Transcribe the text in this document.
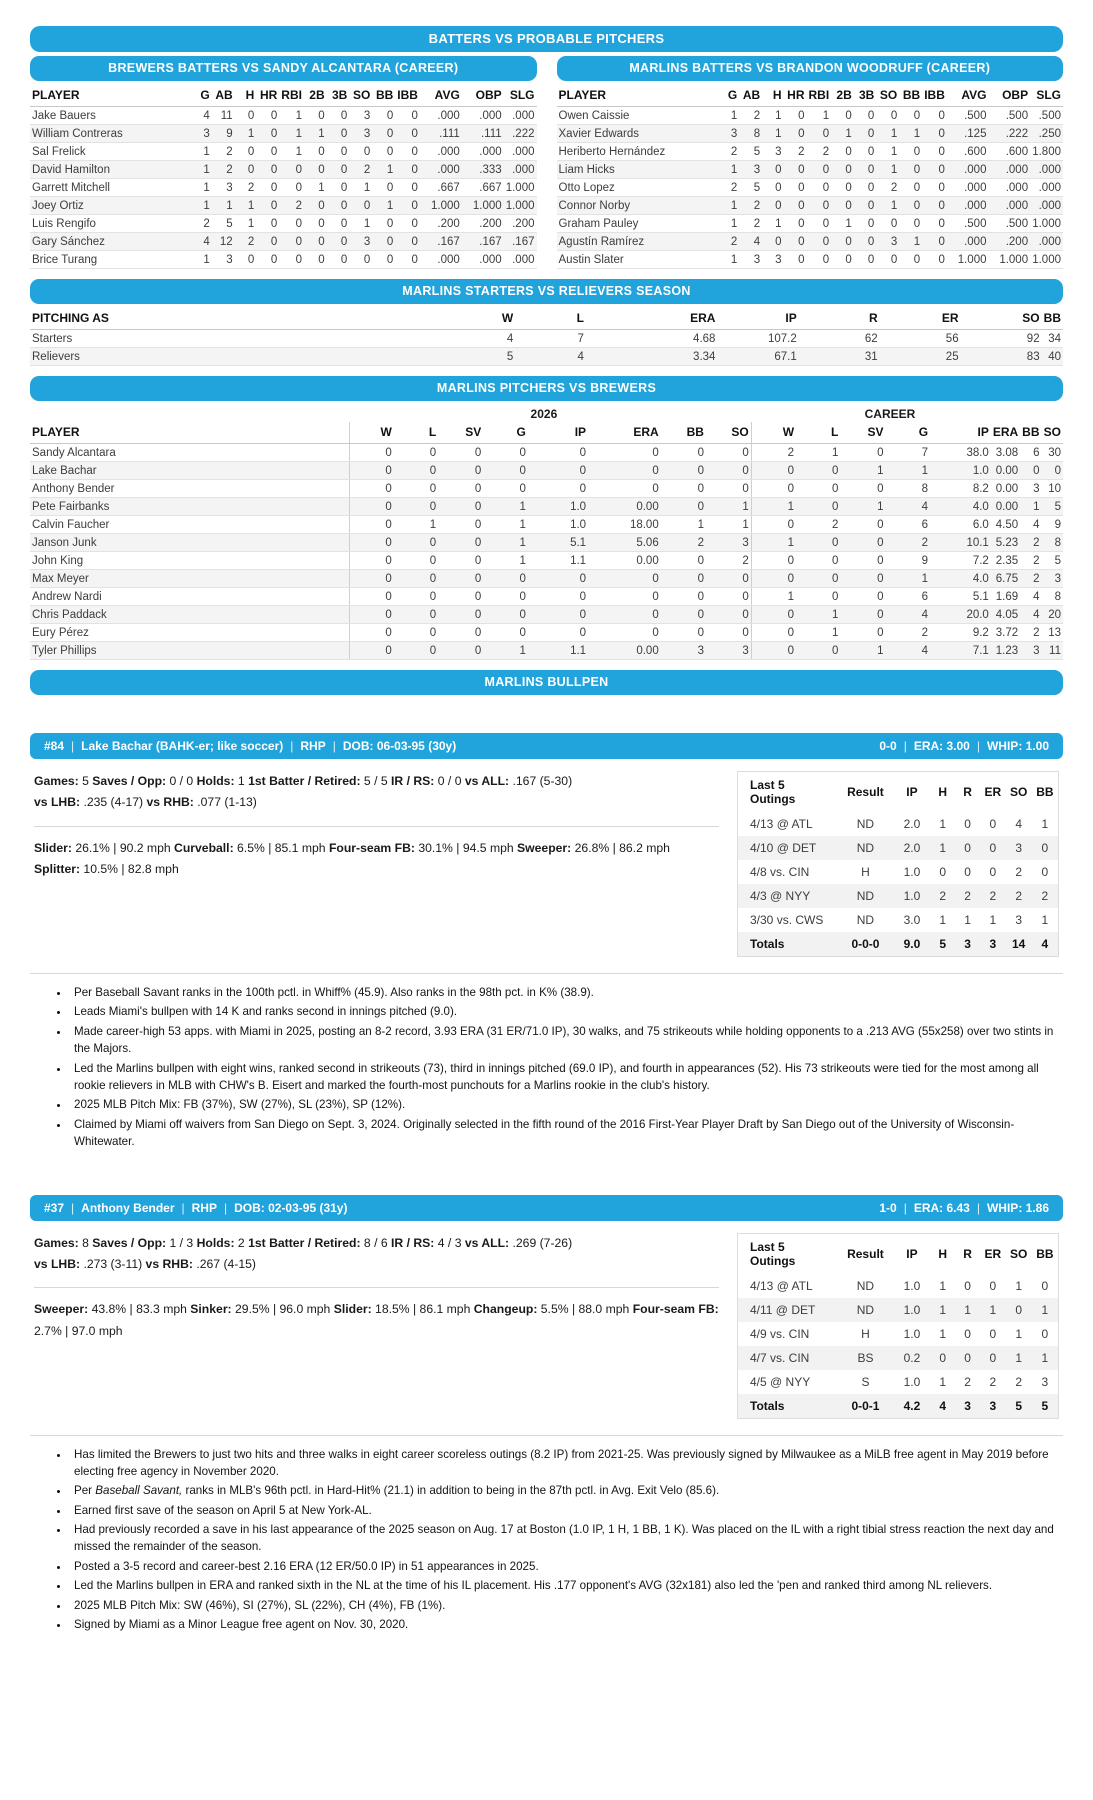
BATTERS VS PROBABLE PITCHERS
BREWERS BATTERS VS SANDY ALCANTARA (CAREER)
PLAYER	G	AB	H	HR	RBI	2B	3B	SO	BB	IBB	AVG	OBP	SLG
Jake Bauers	4	11	0	0	1	0	0	3	0	0	.000	.000	.000
William Contreras	3	9	1	0	1	1	0	3	0	0	.111	.111	.222
Sal Frelick	1	2	0	0	1	0	0	0	0	0	.000	.000	.000
David Hamilton	1	2	0	0	0	0	0	2	1	0	.000	.333	.000
Garrett Mitchell	1	3	2	0	0	1	0	1	0	0	.667	.667	1.000
Joey Ortiz	1	1	1	0	2	0	0	0	1	0	1.000	1.000	1.000
Luis Rengifo	2	5	1	0	0	0	0	1	0	0	.200	.200	.200
Gary Sánchez	4	12	2	0	0	0	0	3	0	0	.167	.167	.167
Brice Turang	1	3	0	0	0	0	0	0	0	0	.000	.000	.000
MARLINS BATTERS VS BRANDON WOODRUFF (CAREER)
PLAYER	G	AB	H	HR	RBI	2B	3B	SO	BB	IBB	AVG	OBP	SLG
Owen Caissie	1	2	1	0	1	0	0	0	0	0	.500	.500	.500
Xavier Edwards	3	8	1	0	0	1	0	1	1	0	.125	.222	.250
Heriberto Hernández	2	5	3	2	2	0	0	1	0	0	.600	.600	1.800
Liam Hicks	1	3	0	0	0	0	0	1	0	0	.000	.000	.000
Otto Lopez	2	5	0	0	0	0	0	2	0	0	.000	.000	.000
Connor Norby	1	2	0	0	0	0	0	1	0	0	.000	.000	.000
Graham Pauley	1	2	1	0	0	1	0	0	0	0	.500	.500	1.000
Agustín Ramírez	2	4	0	0	0	0	0	3	1	0	.000	.200	.000
Austin Slater	1	3	3	0	0	0	0	0	0	0	1.000	1.000	1.000
MARLINS STARTERS VS RELIEVERS SEASON
PITCHING AS	W	L	ERA	IP	R	ER	SO	BB
Starters	4	7	4.68	107.2	62	56	92	34
Relievers	5	4	3.34	67.1	31	25	83	40
MARLINS PITCHERS VS BREWERS
2026	CAREER
PLAYER	W	L	SV	G	IP	ERA	BB	SO	W	L	SV	G	IP	ERA	BB	SO
Sandy Alcantara	0	0	0	0	0	0	0	0	2	1	0	7	38.0	3.08	6	30
Lake Bachar	0	0	0	0	0	0	0	0	0	0	1	1	1.0	0.00	0	0
Anthony Bender	0	0	0	0	0	0	0	0	0	0	0	8	8.2	0.00	3	10
Pete Fairbanks	0	0	0	1	1.0	0.00	0	1	1	0	1	4	4.0	0.00	1	5
Calvin Faucher	0	1	0	1	1.0	18.00	1	1	0	2	0	6	6.0	4.50	4	9
Janson Junk	0	0	0	1	5.1	5.06	2	3	1	0	0	2	10.1	5.23	2	8
John King	0	0	0	1	1.1	0.00	0	2	0	0	0	9	7.2	2.35	2	5
Max Meyer	0	0	0	0	0	0	0	0	0	0	0	1	4.0	6.75	2	3
Andrew Nardi	0	0	0	0	0	0	0	0	1	0	0	6	5.1	1.69	4	8
Chris Paddack	0	0	0	0	0	0	0	0	0	1	0	4	20.0	4.05	4	20
Eury Pérez	0	0	0	0	0	0	0	0	0	1	0	2	9.2	3.72	2	13
Tyler Phillips	0	0	0	1	1.1	0.00	3	3	0	0	1	4	7.1	1.23	3	11
MARLINS BULLPEN
#84 | Lake Bachar (BAHK-er; like soccer) | RHP | DOB: 06-03-95 (30y)	0-0 | ERA: 3.00 | WHIP: 1.00
Games: 5 Saves / Opp: 0 / 0 Holds: 1 1st Batter / Retired: 5 / 5 IR / RS: 0 / 0 vs ALL: .167 (5-30)
vs LHB: .235 (4-17) vs RHB: .077 (1-13)
Slider: 26.1% | 90.2 mph Curveball: 6.5% | 85.1 mph Four-seam FB: 30.1% | 94.5 mph Sweeper: 26.8% | 86.2 mph Splitter: 10.5% | 82.8 mph
Last 5 Outings	Result	IP	H	R	ER	SO	BB
4/13 @ ATL	ND	2.0	1	0	0	4	1
4/10 @ DET	ND	2.0	1	0	0	3	0
4/8 vs. CIN	H	1.0	0	0	0	2	0
4/3 @ NYY	ND	1.0	2	2	2	2	2
3/30 vs. CWS	ND	3.0	1	1	1	3	1
Totals	0-0-0	9.0	5	3	3	14	4
• Per Baseball Savant ranks in the 100th pctl. in Whiff% (45.9). Also ranks in the 98th pct. in K% (38.9).
• Leads Miami's bullpen with 14 K and ranks second in innings pitched (9.0).
• Made career-high 53 apps. with Miami in 2025, posting an 8-2 record, 3.93 ERA (31 ER/71.0 IP), 30 walks, and 75 strikeouts while holding opponents to a .213 AVG (55x258) over two stints in the Majors.
• Led the Marlins bullpen with eight wins, ranked second in strikeouts (73), third in innings pitched (69.0 IP), and fourth in appearances (52). His 73 strikeouts were tied for the most among all rookie relievers in MLB with CHW's B. Eisert and marked the fourth-most punchouts for a Marlins rookie in the club's history.
• 2025 MLB Pitch Mix: FB (37%), SW (27%), SL (23%), SP (12%).
• Claimed by Miami off waivers from San Diego on Sept. 3, 2024. Originally selected in the fifth round of the 2016 First-Year Player Draft by San Diego out of the University of Wisconsin-Whitewater.
#37 | Anthony Bender | RHP | DOB: 02-03-95 (31y)	1-0 | ERA: 6.43 | WHIP: 1.86
Games: 8 Saves / Opp: 1 / 3 Holds: 2 1st Batter / Retired: 8 / 6 IR / RS: 4 / 3 vs ALL: .269 (7-26)
vs LHB: .273 (3-11) vs RHB: .267 (4-15)
Sweeper: 43.8% | 83.3 mph Sinker: 29.5% | 96.0 mph Slider: 18.5% | 86.1 mph Changeup: 5.5% | 88.0 mph Four-seam FB: 2.7% | 97.0 mph
Last 5 Outings	Result	IP	H	R	ER	SO	BB
4/13 @ ATL	ND	1.0	1	0	0	1	0
4/11 @ DET	ND	1.0	1	1	1	0	1
4/9 vs. CIN	H	1.0	1	0	0	1	0
4/7 vs. CIN	BS	0.2	0	0	0	1	1
4/5 @ NYY	S	1.0	1	2	2	2	3
Totals	0-0-1	4.2	4	3	3	5	5
• Has limited the Brewers to just two hits and three walks in eight career scoreless outings (8.2 IP) from 2021-25. Was previously signed by Milwaukee as a MiLB free agent in May 2019 before electing free agency in November 2020.
• Per Baseball Savant, ranks in MLB's 96th pctl. in Hard-Hit% (21.1) in addition to being in the 87th pctl. in Avg. Exit Velo (85.6).
• Earned first save of the season on April 5 at New York-AL.
• Had previously recorded a save in his last appearance of the 2025 season on Aug. 17 at Boston (1.0 IP, 1 H, 1 BB, 1 K). Was placed on the IL with a right tibial stress reaction the next day and missed the remainder of the season.
• Posted a 3-5 record and career-best 2.16 ERA (12 ER/50.0 IP) in 51 appearances in 2025.
• Led the Marlins bullpen in ERA and ranked sixth in the NL at the time of his IL placement. His .177 opponent's AVG (32x181) also led the 'pen and ranked third among NL relievers.
• 2025 MLB Pitch Mix: SW (46%), SI (27%), SL (22%), CH (4%), FB (1%).
• Signed by Miami as a Minor League free agent on Nov. 30, 2020.
